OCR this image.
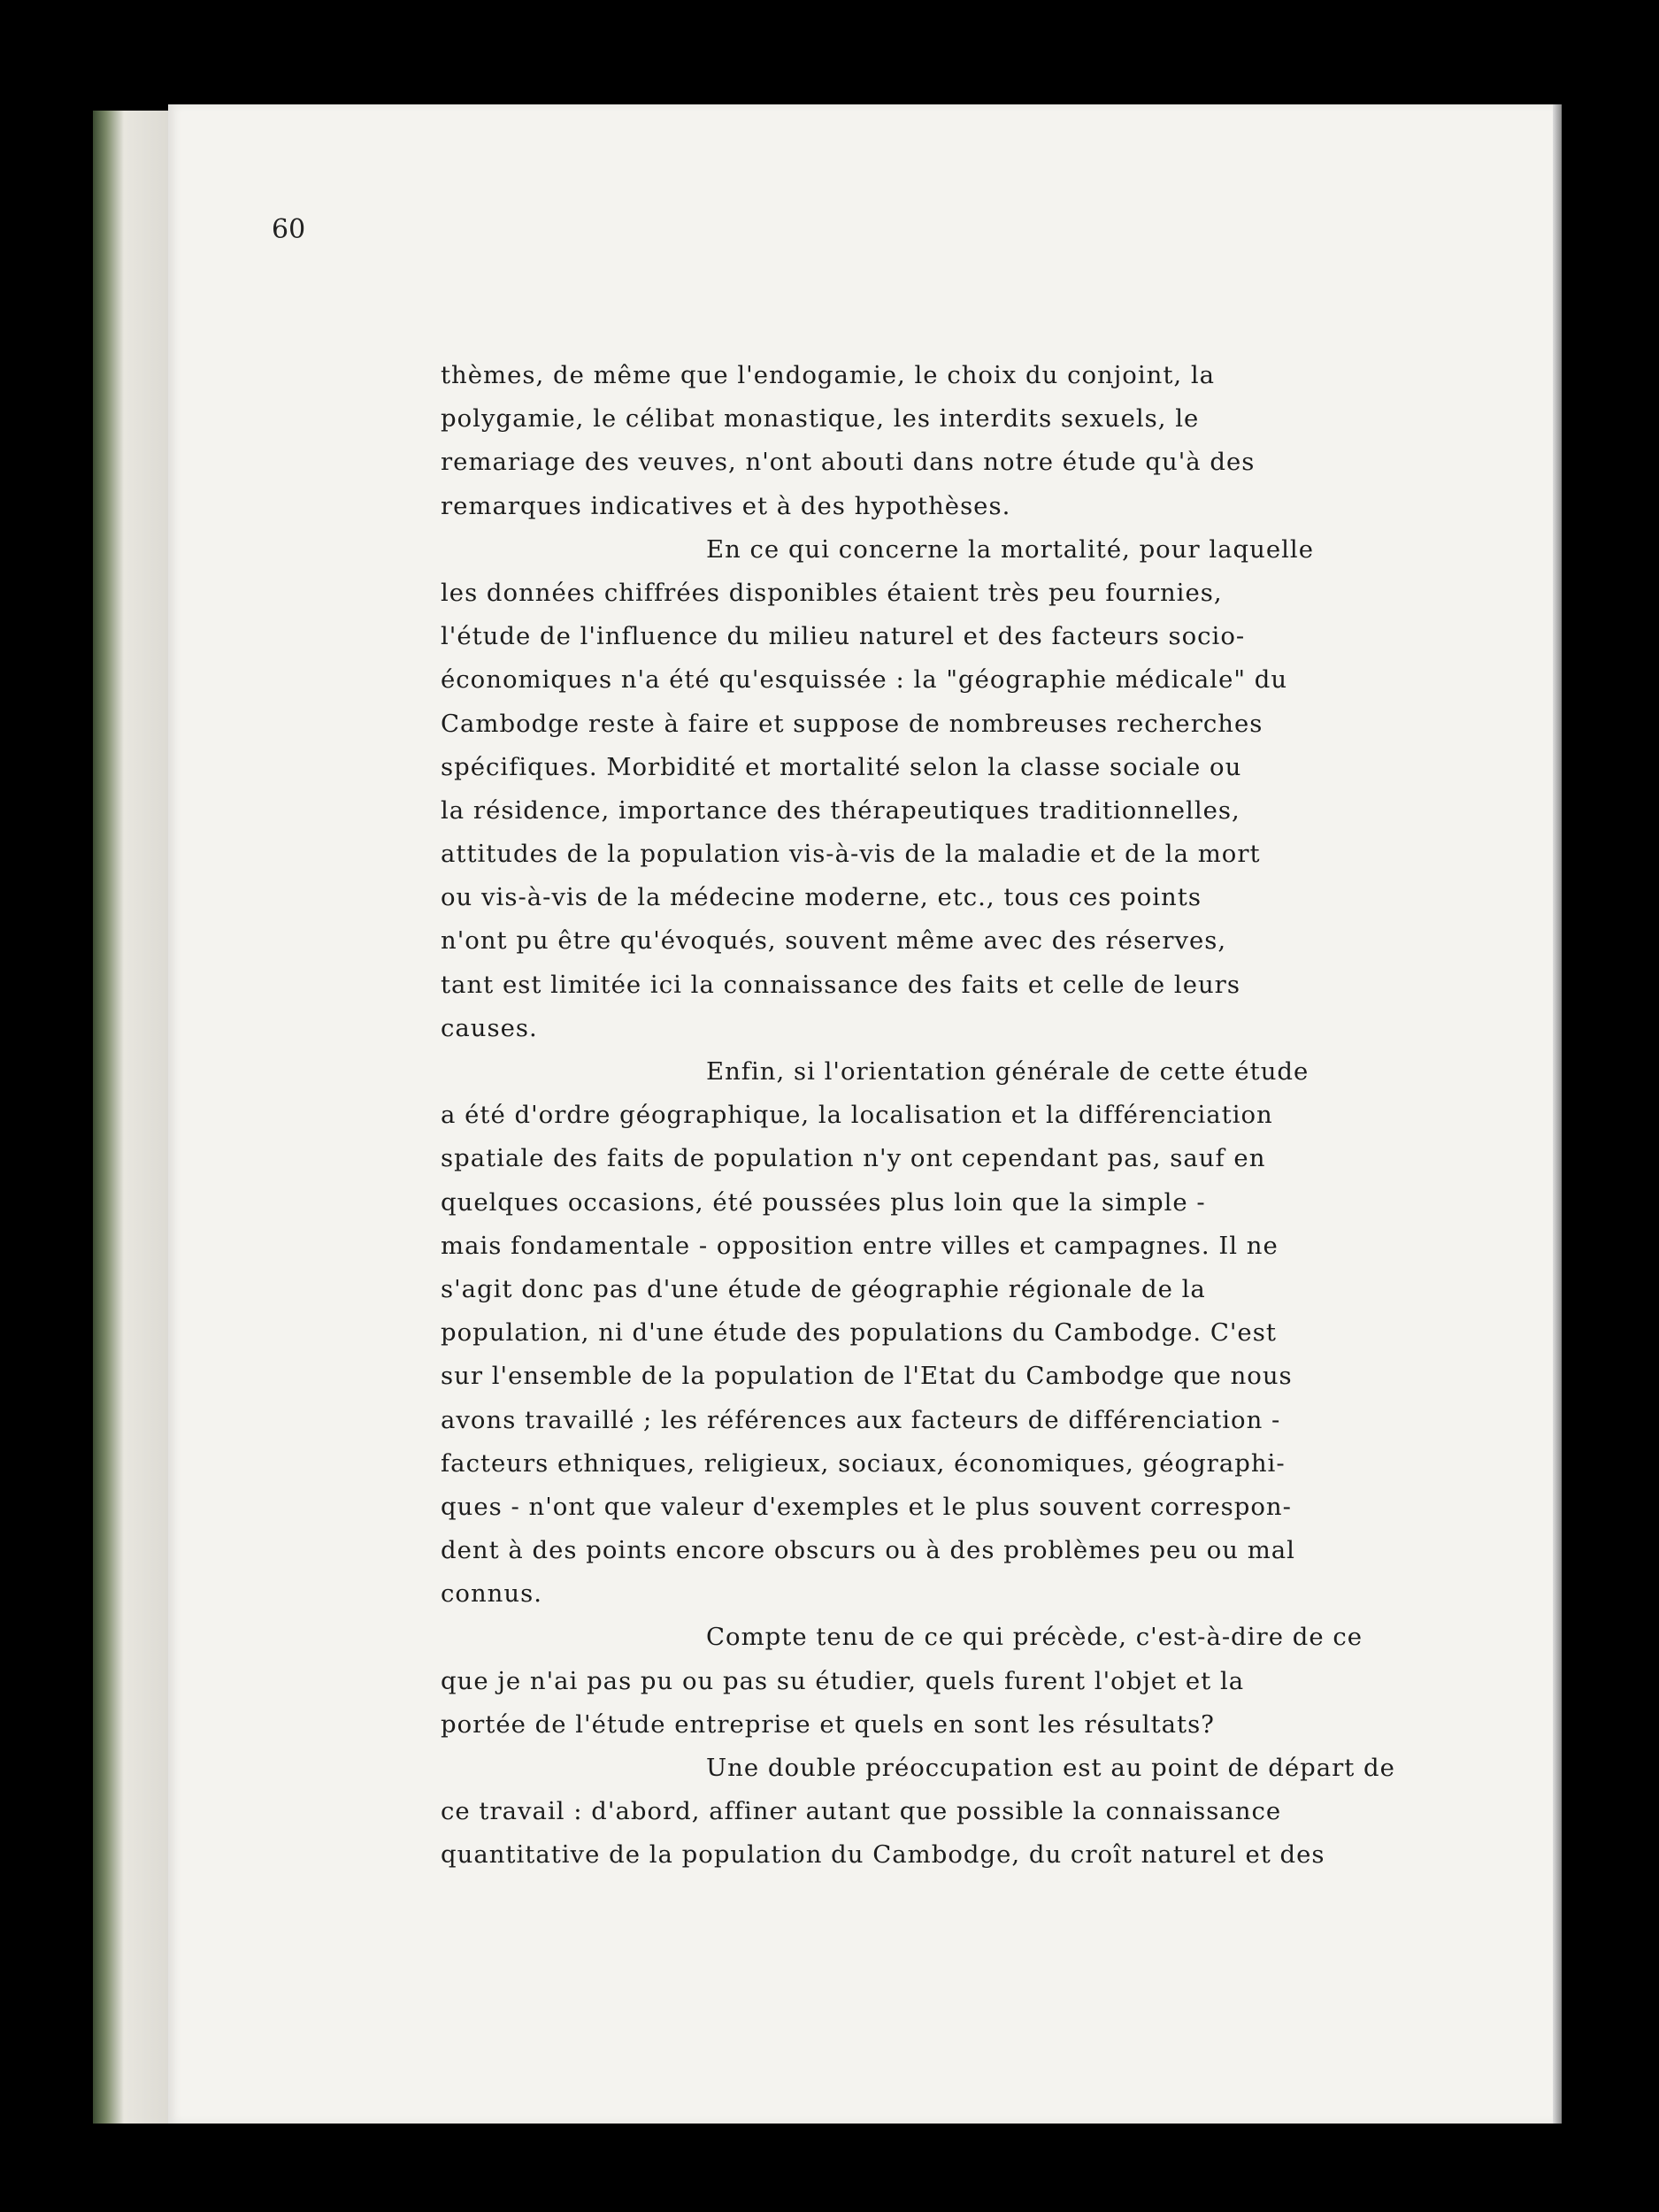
60
thèmes, de même que l'endogamie, le choix du conjoint, la
polygamie, le célibat monastique, les interdits sexuels, le
remariage des veuves, n'ont abouti dans notre étude qu'à des
remarques indicatives et à des hypothèses.
En ce qui concerne la mortalité, pour laquelle
les données chiffrées disponibles étaient très peu fournies,
l'étude de l'influence du milieu naturel et des facteurs socio-
économiques n'a été qu'esquissée : la "géographie médicale" du
Cambodge reste à faire et suppose de nombreuses recherches
spécifiques. Morbidité et mortalité selon la classe sociale ou
la résidence, importance des thérapeutiques traditionnelles,
attitudes de la population vis-à-vis de la maladie et de la mort
ou vis-à-vis de la médecine moderne, etc., tous ces points
n'ont pu être qu'évoqués, souvent même avec des réserves,
tant est limitée ici la connaissance des faits et celle de leurs
causes.
Enfin, si l'orientation générale de cette étude
a été d'ordre géographique, la localisation et la différenciation
spatiale des faits de population n'y ont cependant pas, sauf en
quelques occasions, été poussées plus loin que la simple -
mais fondamentale - opposition entre villes et campagnes. Il ne
s'agit donc pas d'une étude de géographie régionale de la
population, ni d'une étude des populations du Cambodge. C'est
sur l'ensemble de la population de l'Etat du Cambodge que nous
avons travaillé ; les références aux facteurs de différenciation -
facteurs ethniques, religieux, sociaux, économiques, géographi-
ques - n'ont que valeur d'exemples et le plus souvent correspon-
dent à des points encore obscurs ou à des problèmes peu ou mal
connus.
Compte tenu de ce qui précède, c'est-à-dire de ce
que je n'ai pas pu ou pas su étudier, quels furent l'objet et la
portée de l'étude entreprise et quels en sont les résultats?
Une double préoccupation est au point de départ de
ce travail : d'abord, affiner autant que possible la connaissance
quantitative de la population du Cambodge, du croît naturel et des
